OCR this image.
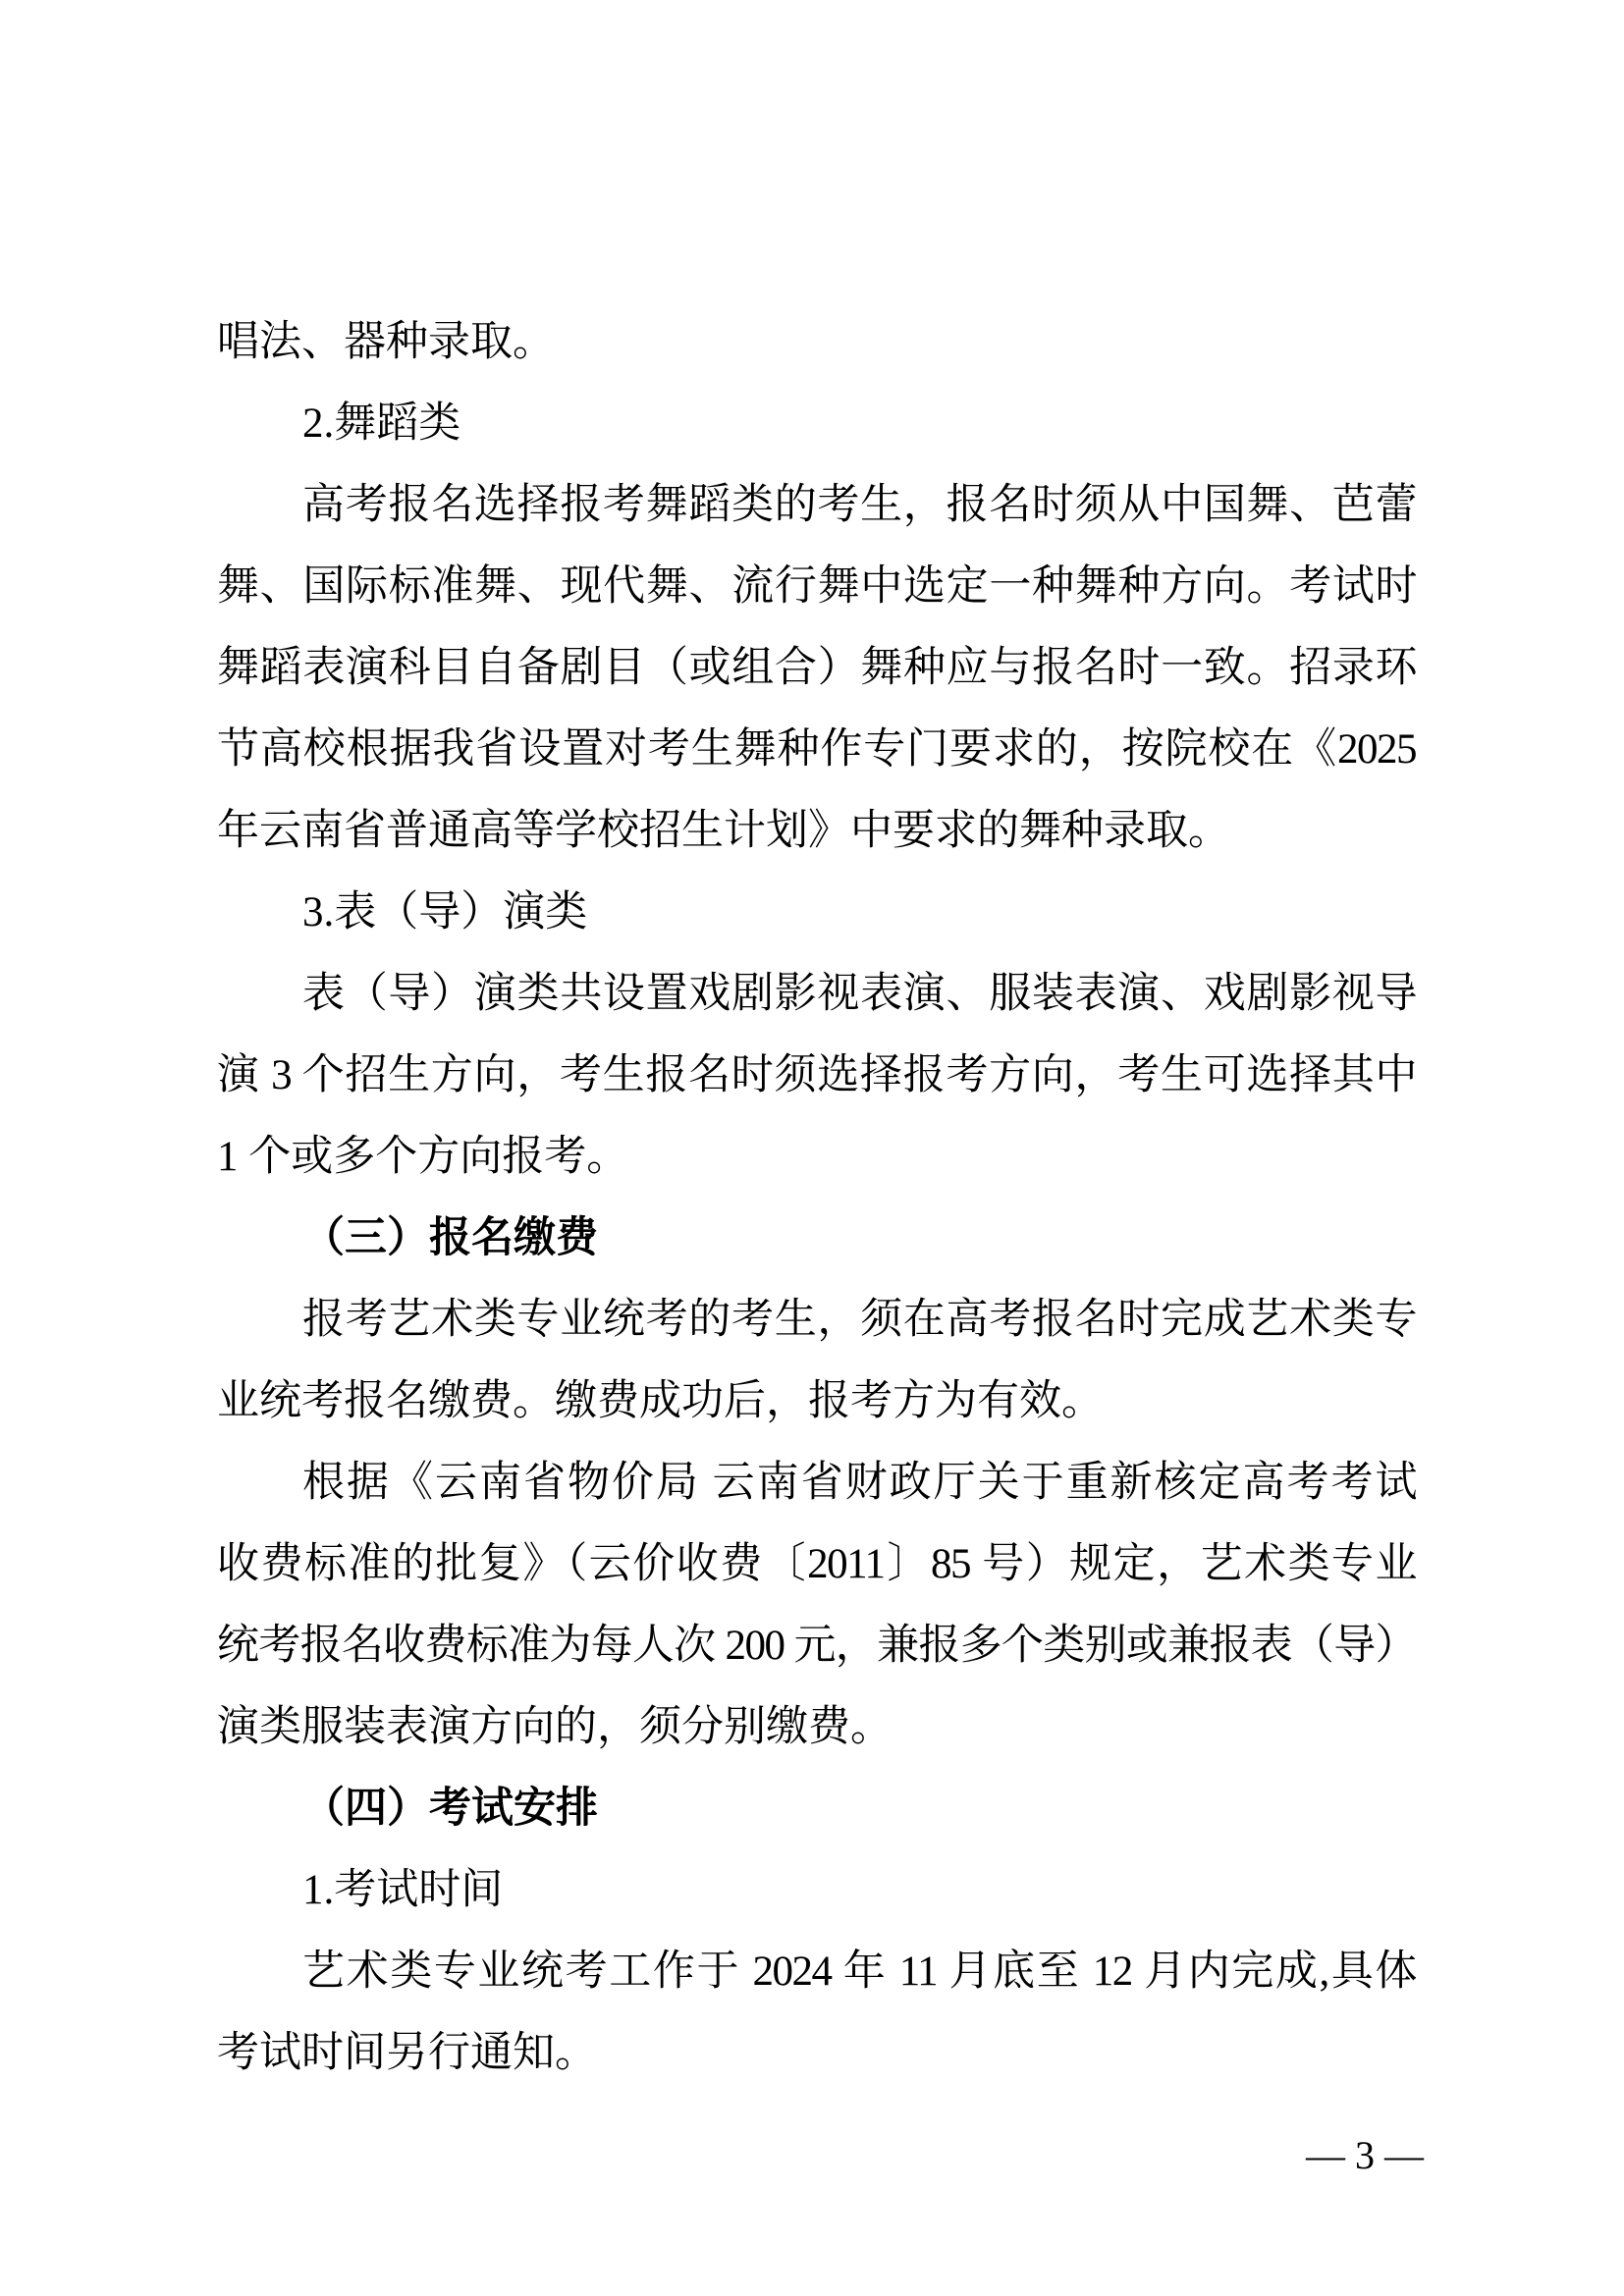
唱法、器种录取。
2.舞蹈类
高考报名选择报考舞蹈类的考生，报名时须从中国舞、芭蕾
舞、国际标准舞、现代舞、流行舞中选定一种舞种方向。考试时
舞蹈表演科目自备剧目（或组合）舞种应与报名时一致。招录环
节高校根据我省设置对考生舞种作专门要求的，按院校在《2025
年云南省普通高等学校招生计划》中要求的舞种录取。
3.表（导）演类
表（导）演类共设置戏剧影视表演、服装表演、戏剧影视导
演 3 个招生方向，考生报名时须选择报考方向，考生可选择其中
1 个或多个方向报考。
（三）报名缴费
报考艺术类专业统考的考生，须在高考报名时完成艺术类专
业统考报名缴费。缴费成功后，报考方为有效。
根据《云南省物价局 云南省财政厅关于重新核定高考考试
收费标准的批复》（云价收费〔2011〕85 号）规定，艺术类专业
统考报名收费标准为每人次 200 元，兼报多个类别或兼报表（导）
演类服装表演方向的，须分别缴费。
（四）考试安排
1.考试时间
艺术类专业统考工作于 2024 年 11 月底至 12 月内完成,具体
考试时间另行通知。
— 3 —
